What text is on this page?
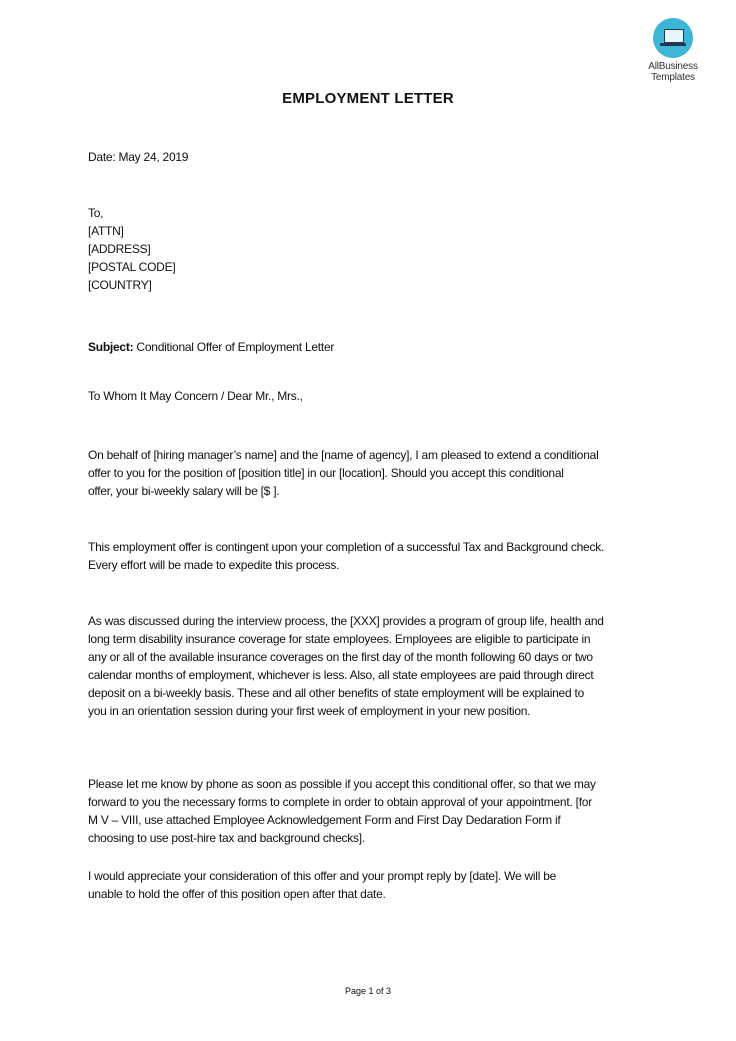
AllBusiness
Templates
EMPLOYMENT LETTER
Date: May 24, 2019
To,
[ATTN]
[ADDRESS]
[POSTAL CODE]
[COUNTRY]
Subject: Conditional Offer of Employment Letter
To Whom It May Concern / Dear Mr., Mrs.,
On behalf of [hiring manager’s name] and the [name of agency], I am pleased to extend a conditional
offer to you for the position of [position title] in our [location]. Should you accept this conditional
offer, your bi-weekly salary will be [$ ].
This employment offer is contingent upon your completion of a successful Tax and Background check.
Every effort will be made to expedite this process.
As was discussed during the interview process, the [XXX] provides a program of group life, health and
long term disability insurance coverage for state employees. Employees are eligible to participate in
any or all of the available insurance coverages on the first day of the month following 60 days or two
calendar months of employment, whichever is less. Also, all state employees are paid through direct
deposit on a bi-weekly basis. These and all other benefits of state employment will be explained to
you in an orientation session during your first week of employment in your new position.
Please let me know by phone as soon as possible if you accept this conditional offer, so that we may
forward to you the necessary forms to complete in order to obtain approval of your appointment. [for
M V – VIII, use attached Employee Acknowledgement Form and First Day Dedaration Form if
choosing to use post-hire tax and background checks].
I would appreciate your consideration of this offer and your prompt reply by [date]. We will be
unable to hold the offer of this position open after that date.
Page 1 of 3
